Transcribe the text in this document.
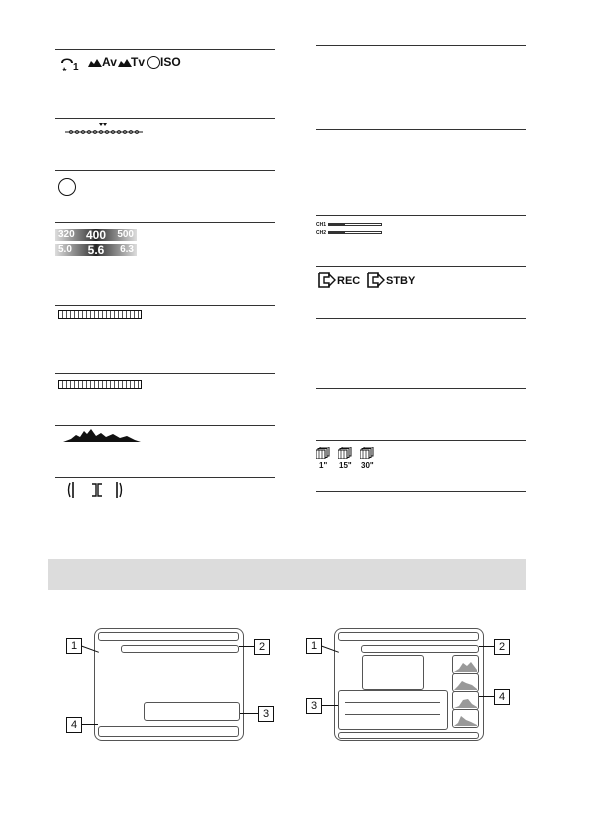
1 Av Tv ISO
320 400 500
5.0 5.6 6.3
CH1
CH2
REC STBY
1" 15" 30"
1	2
3
4
1	2
3
4
